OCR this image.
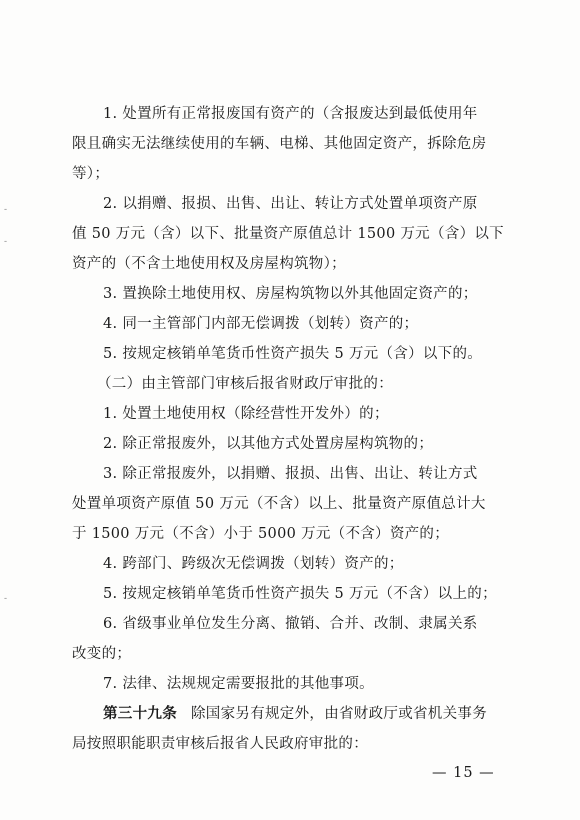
-
-
-
1. 处置所有正常报废国有资产的（含报废达到最低使用年
限且确实无法继续使用的车辆、电梯、其他固定资产，拆除危房
等）；
2. 以捐赠、报损、出售、出让、转让方式处置单项资产原
值 50 万元（含）以下、批量资产原值总计 1500 万元（含）以下
资产的（不含土地使用权及房屋构筑物）；
3. 置换除土地使用权、房屋构筑物以外其他固定资产的；
4. 同一主管部门内部无偿调拨（划转）资产的；
5. 按规定核销单笔货币性资产损失 5 万元（含）以下的。
（二）由主管部门审核后报省财政厅审批的：
1. 处置土地使用权（除经营性开发外）的；
2. 除正常报废外，以其他方式处置房屋构筑物的；
3. 除正常报废外，以捐赠、报损、出售、出让、转让方式
处置单项资产原值 50 万元（不含）以上、批量资产原值总计大
于 1500 万元（不含）小于 5000 万元（不含）资产的；
4. 跨部门、跨级次无偿调拨（划转）资产的；
5. 按规定核销单笔货币性资产损失 5 万元（不含）以上的；
6. 省级事业单位发生分离、撤销、合并、改制、隶属关系
改变的；
7. 法律、法规规定需要报批的其他事项。
第三十九条 除国家另有规定外，由省财政厅或省机关事务
局按照职能职责审核后报省人民政府审批的：
— 15 —
